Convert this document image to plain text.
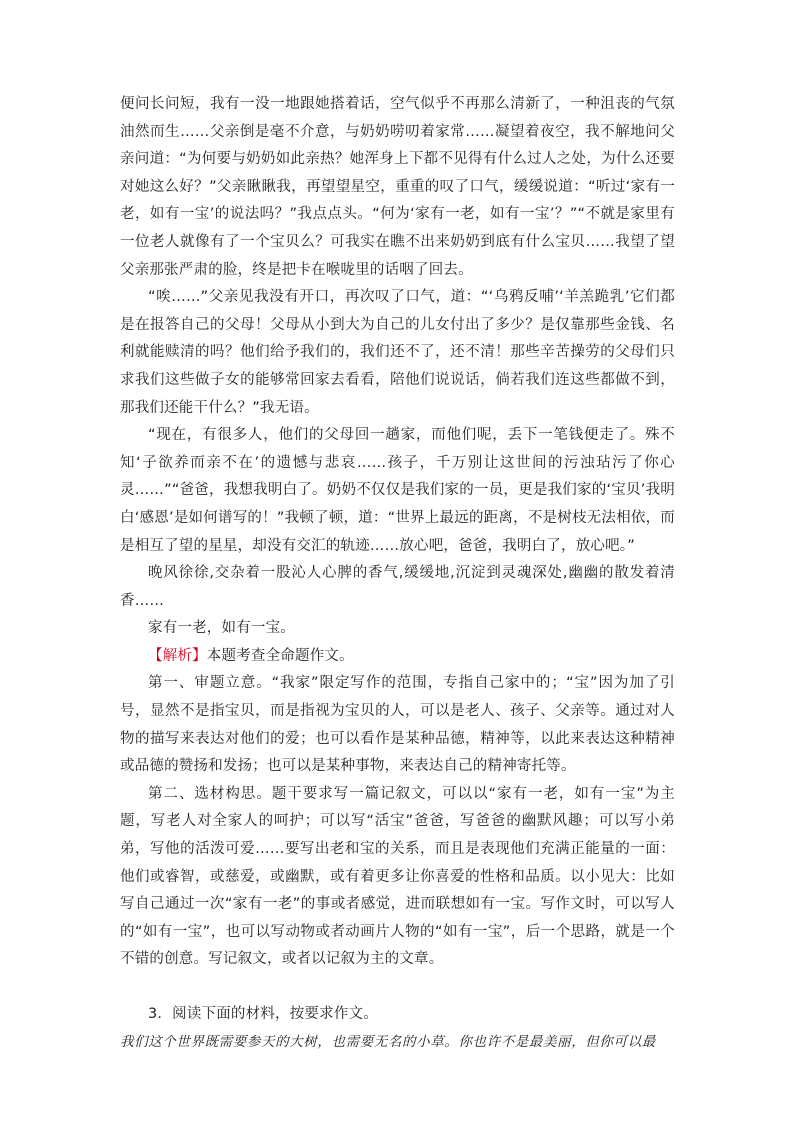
便问长问短，我有一没一地跟她搭着话，空气似乎不再那么清新了，一种沮丧的气氛油然而生……父亲倒是毫不介意，与奶奶唠叨着家常……凝望着夜空，我不解地问父亲问道：“为何要与奶奶如此亲热？她浑身上下都不见得有什么过人之处，为什么还要对她这么好？”父亲瞅瞅我，再望望星空，重重的叹了口气，缓缓说道：“听过‘家有一老，如有一宝’的说法吗？”我点点头。“何为‘家有一老，如有一宝’？”“不就是家里有一位老人就像有了一个宝贝么？可我实在瞧不出来奶奶到底有什么宝贝……我望了望父亲那张严肃的脸，终是把卡在喉咙里的话咽了回去。

“唉……”父亲见我没有开口，再次叹了口气，道：“‘乌鸦反哺’‘羊羔跪乳’它们都是在报答自己的父母！父母从小到大为自己的儿女付出了多少？是仅靠那些金钱、名利就能赎清的吗？他们给予我们的，我们还不了，还不清！那些辛苦操劳的父母们只求我们这些做子女的能够常回家去看看，陪他们说说话，倘若我们连这些都做不到，那我们还能干什么？”我无语。

“现在，有很多人，他们的父母回一趟家，而他们呢，丢下一笔钱便走了。殊不知‘子欲养而亲不在’的遗憾与悲哀……孩子，千万别让这世间的污浊玷污了你心灵……”“爸爸，我想我明白了。奶奶不仅仅是我们家的一员，更是我们家的‘宝贝’我明白‘感恩’是如何谱写的！”我顿了顿，道：“世界上最远的距离，不是树枝无法相依，而是相互了望的星星，却没有交汇的轨迹……放心吧，爸爸，我明白了，放心吧。”

晚风徐徐,交杂着一股沁人心脾的香气,缓缓地,沉淀到灵魂深处,幽幽的散发着清香……

家有一老，如有一宝。

【解析】本题考查全命题作文。

第一、审题立意。“我家”限定写作的范围，专指自己家中的；“宝”因为加了引号，显然不是指宝贝，而是指视为宝贝的人，可以是老人、孩子、父亲等。通过对人物的描写来表达对他们的爱；也可以看作是某种品德，精神等，以此来表达这种精神或品德的赞扬和发扬；也可以是某种事物，来表达自己的精神寄托等。

第二、选材构思。题干要求写一篇记叙文，可以以“家有一老，如有一宝”为主题，写老人对全家人的呵护；可以写“活宝”爸爸，写爸爸的幽默风趣；可以写小弟弟，写他的活泼可爱……要写出老和宝的关系，而且是表现他们充满正能量的一面：他们或睿智，或慈爱，或幽默，或有着更多让你喜爱的性格和品质。以小见大：比如写自己通过一次“家有一老”的事或者感觉，进而联想如有一宝。写作文时，可以写人的“如有一宝”，也可以写动物或者动画片人物的“如有一宝”，后一个思路，就是一个不错的创意。写记叙文，或者以记叙为主的文章。

3．阅读下面的材料，按要求作文。

我们这个世界既需要参天的大树，也需要无名的小草。你也许不是最美丽，但你可以最
